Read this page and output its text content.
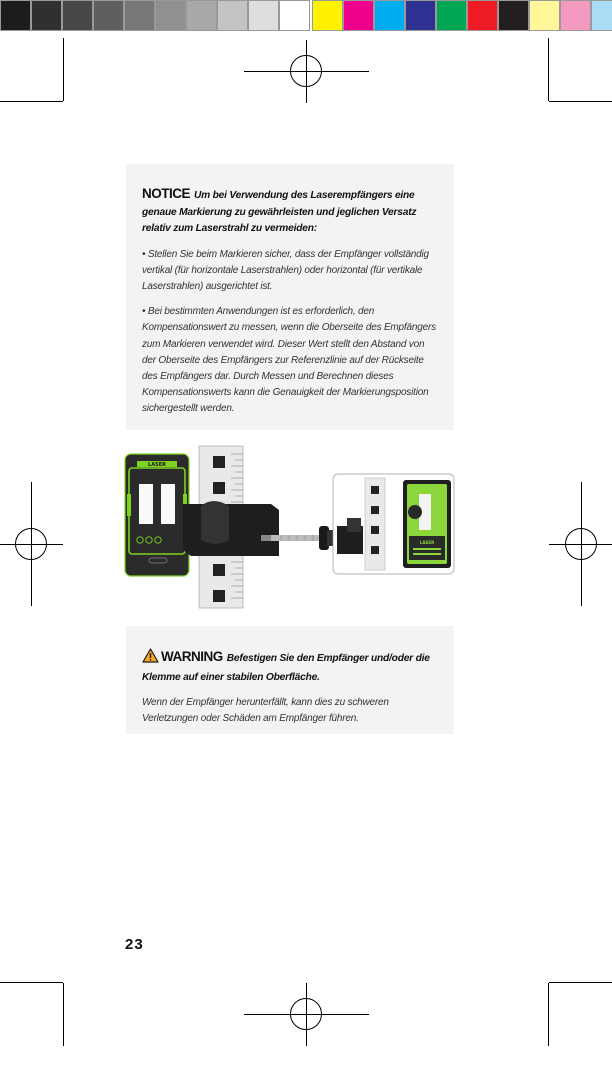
NOTICE Um bei Verwendung des Laserempfängers eine genaue Markierung zu gewährleisten und jeglichen Versatz relativ zum Laserstrahl zu vermeiden:

• Stellen Sie beim Markieren sicher, dass der Empfänger vollständig vertikal (für horizontale Laserstrahlen) oder horizontal (für vertikale Laserstrahlen) ausgerichtet ist.

• Bei bestimmten Anwendungen ist es erforderlich, den Kompensationswert zu messen, wenn die Oberseite des Empfängers zum Markieren verwendet wird. Dieser Wert stellt den Abstand von der Oberseite des Empfängers zur Referenzlinie auf der Rückseite des Empfängers dar. Durch Messen und Berechnen dieses Kompensationswerts kann die Genauigkeit der Markierungsposition sichergestellt werden.

LASER
LASER

WARNING Befestigen Sie den Empfänger und/oder die Klemme auf einer stabilen Oberfläche.

Wenn der Empfänger herunterfällt, kann dies zu schweren Verletzungen oder Schäden am Empfänger führen.

23
